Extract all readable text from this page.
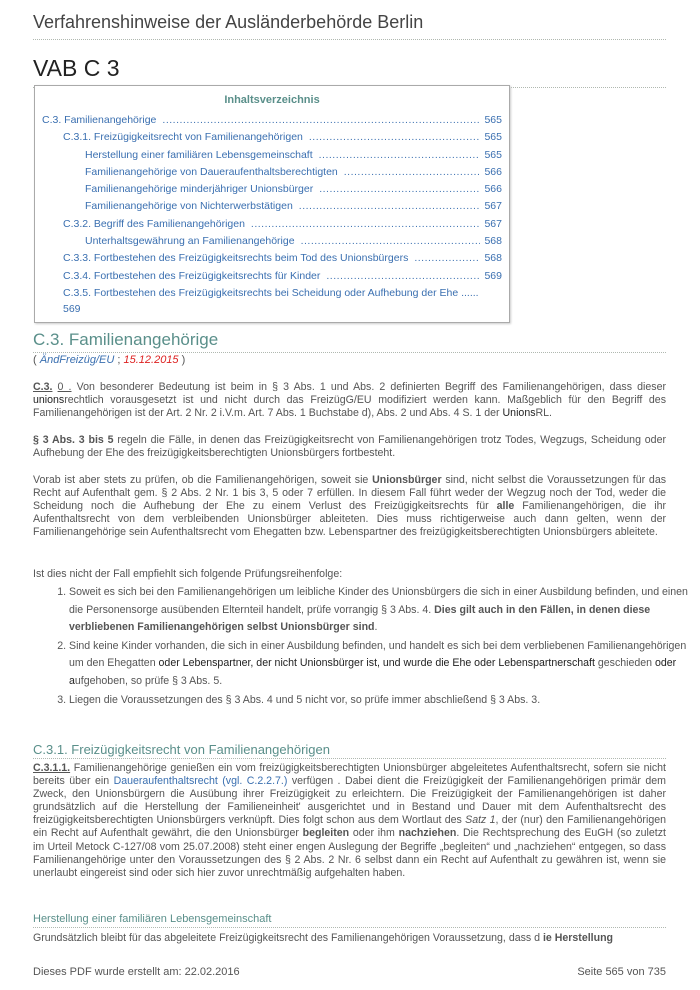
Verfahrenshinweise der Ausländerbehörde Berlin
VAB C 3
Inhaltsverzeichnis
C.3. Familienangehörige .....	565
C.3.1. Freizügigkeitsrecht von Familienangehörigen .....	565
Herstellung einer familiären Lebensgemeinschaft .....	565
Familienangehörige von Daueraufenthaltsberechtigten .....	566
Familienangehörige minderjähriger Unionsbürger .....	566
Familienangehörige von Nichterwerbstätigen .....	567
C.3.2. Begriff des Familienangehörigen .....	567
Unterhaltsgewährung an Familienangehörige .....	568
C.3.3. Fortbestehen des Freizügigkeitsrechts beim Tod des Unionsbürgers .....	568
C.3.4. Fortbestehen des Freizügigkeitsrechts für Kinder .....	569
C.3.5. Fortbestehen des Freizügigkeitsrechts bei Scheidung oder Aufhebung der Ehe ......
569
C.3. Familienangehörige
( ÄndFreizüg/EU ; 15.12.2015 )
C.3. 0 . Von besonderer Bedeutung ist beim in § 3 Abs. 1 und Abs. 2 definierten Begriff des Familienangehörigen, dass dieser unionsrechtlich vorausgesetzt ist und nicht durch das FreizügG/EU modifiziert werden kann. Maßgeblich für den Begriff des Familienangehörigen ist der Art. 2 Nr. 2 i.V.m. Art. 7 Abs. 1 Buchstabe d), Abs. 2 und Abs. 4 S. 1 der UnionsRL.
§ 3 Abs. 3 bis 5 regeln die Fälle, in denen das Freizügigkeitsrecht von Familienangehörigen trotz Todes, Wegzugs, Scheidung oder Aufhebung der Ehe des freizügigkeitsberechtigten Unionsbürgers fortbesteht.
Vorab ist aber stets zu prüfen, ob die Familienangehörigen, soweit sie Unionsbürger sind, nicht selbst die Voraussetzungen für das Recht auf Aufenthalt gem. § 2 Abs. 2 Nr. 1 bis 3, 5 oder 7 erfüllen. In diesem Fall führt weder der Wegzug noch der Tod, weder die Scheidung noch die Aufhebung der Ehe zu einem Verlust des Freizügigkeitsrechts für alle Familienangehörigen, die ihr Aufenthaltsrecht von dem verbleibenden Unionsbürger ableiteten. Dies muss richtigerweise auch dann gelten, wenn der Familienangehörige sein Aufenthaltsrecht vom Ehegatten bzw. Lebenspartner des freizügigkeitsberechtigten Unionsbürgers ableitete.
Ist dies nicht der Fall empfiehlt sich folgende Prüfungsreihenfolge:
1. Soweit es sich bei den Familienangehörigen um leibliche Kinder des Unionsbürgers die sich in einer Ausbildung befinden, und einen die Personensorge ausübenden Elternteil handelt, prüfe vorrangig § 3 Abs. 4. Dies gilt auch in den Fällen, in denen diese verbliebenen Familienangehörigen selbst Unionsbürger sind.
2. Sind keine Kinder vorhanden, die sich in einer Ausbildung befinden, und handelt es sich bei dem verbliebenen Familienangehörigen um den Ehegatten oder Lebenspartner, der nicht Unionsbürger ist, und wurde die Ehe oder Lebenspartnerschaft geschieden oder aufgehoben, so prüfe § 3 Abs. 5.
3. Liegen die Voraussetzungen des § 3 Abs. 4 und 5 nicht vor, so prüfe immer abschließend § 3 Abs. 3.
C.3.1. Freizügigkeitsrecht von Familienangehörigen
C.3.1.1. Familienangehörige genießen ein vom freizügigkeitsberechtigten Unionsbürger abgeleitetes Aufenthaltsrecht, sofern sie nicht bereits über ein Daueraufenthaltsrecht (vgl. C.2.2.7.) verfügen . Dabei dient die Freizügigkeit der Familienangehörigen primär dem Zweck, den Unionsbürgern die Ausübung ihrer Freizügigkeit zu erleichtern. Die Freizügigkeit der Familienangehörigen ist daher grundsätzlich auf die Herstellung der Familieneinheit' ausgerichtet und in Bestand und Dauer mit dem Aufenthaltsrecht des freizügigkeitsberechtigten Unionsbürgers verknüpft. Dies folgt schon aus dem Wortlaut des Satz 1, der (nur) den Familienangehörigen ein Recht auf Aufenthalt gewährt, die den Unionsbürger begleiten oder ihm nachziehen. Die Rechtsprechung des EuGH (so zuletzt im Urteil Metock C-127/08 vom 25.07.2008) steht einer engen Auslegung der Begriffe „begleiten“ und „nachziehen“ entgegen, so dass Familienangehörige unter den Voraussetzungen des § 2 Abs. 2 Nr. 6 selbst dann ein Recht auf Aufenthalt zu gewähren ist, wenn sie unerlaubt eingereist sind oder sich hier zuvor unrechtmäßig aufgehalten haben.
Herstellung einer familiären Lebensgemeinschaft
Grundsätzlich bleibt für das abgeleitete Freizügigkeitsrecht des Familienangehörigen Voraussetzung, dass d ie Herstellung
Dieses PDF wurde erstellt am: 22.02.2016	Seite 565 von 735
